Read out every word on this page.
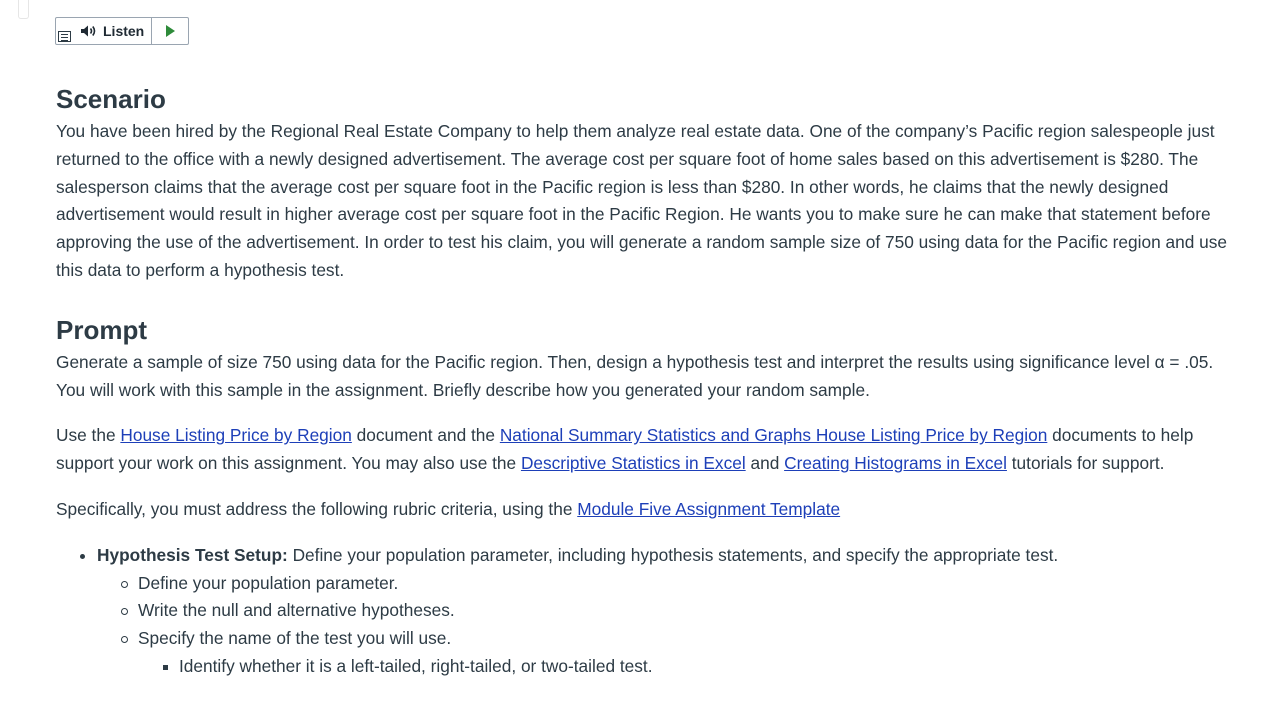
Listen
Scenario

You have been hired by the Regional Real Estate Company to help them analyze real estate data. One of the company’s Pacific region salespeople just returned to the office with a newly designed advertisement. The average cost per square foot of home sales based on this advertisement is $280. The salesperson claims that the average cost per square foot in the Pacific region is less than $280. In other words, he claims that the newly designed advertisement would result in higher average cost per square foot in the Pacific Region. He wants you to make sure he can make that statement before approving the use of the advertisement. In order to test his claim, you will generate a random sample size of 750 using data for the Pacific region and use this data to perform a hypothesis test.

Prompt

Generate a sample of size 750 using data for the Pacific region. Then, design a hypothesis test and interpret the results using significance level α = .05. You will work with this sample in the assignment. Briefly describe how you generated your random sample.

Use the House Listing Price by Region document and the National Summary Statistics and Graphs House Listing Price by Region documents to help support your work on this assignment. You may also use the Descriptive Statistics in Excel and Creating Histograms in Excel tutorials for support.

Specifically, you must address the following rubric criteria, using the Module Five Assignment Template

Hypothesis Test Setup: Define your population parameter, including hypothesis statements, and specify the appropriate test.
Define your population parameter.
Write the null and alternative hypotheses.
Specify the name of the test you will use.
Identify whether it is a left-tailed, right-tailed, or two-tailed test.
